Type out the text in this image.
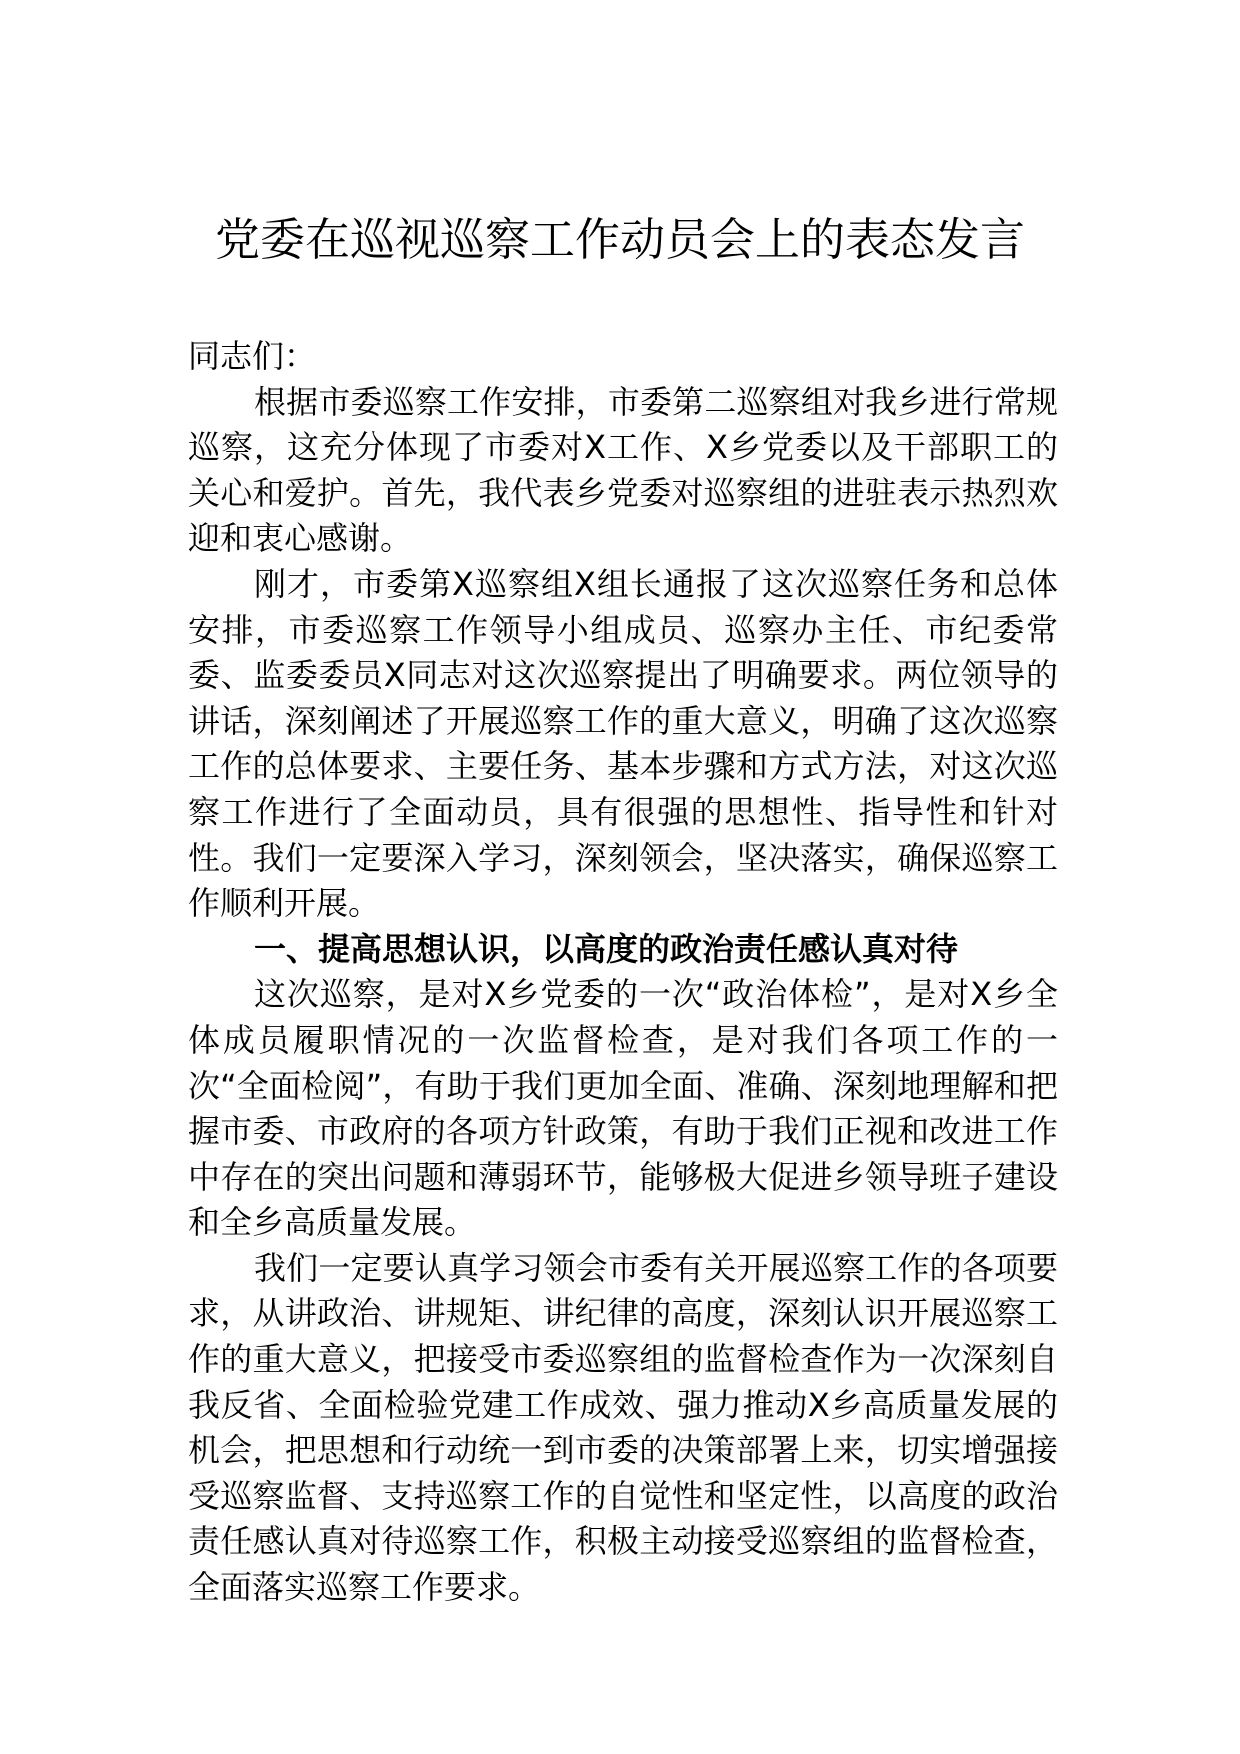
党委在巡视巡察工作动员会上的表态发言

同志们：

根据市委巡察工作安排，市委第二巡察组对我乡进行常规巡察，这充分体现了市委对X工作、X乡党委以及干部职工的关心和爱护。首先，我代表乡党委对巡察组的进驻表示热烈欢迎和衷心感谢。

刚才，市委第X巡察组X组长通报了这次巡察任务和总体安排，市委巡察工作领导小组成员、巡察办主任、市纪委常委、监委委员X同志对这次巡察提出了明确要求。两位领导的讲话，深刻阐述了开展巡察工作的重大意义，明确了这次巡察工作的总体要求、主要任务、基本步骤和方式方法，对这次巡察工作进行了全面动员，具有很强的思想性、指导性和针对性。我们一定要深入学习，深刻领会，坚决落实，确保巡察工作顺利开展。

一、提高思想认识，以高度的政治责任感认真对待

这次巡察，是对X乡党委的一次“政治体检”，是对X乡全体成员履职情况的一次监督检查，是对我们各项工作的一次“全面检阅”，有助于我们更加全面、准确、深刻地理解和把握市委、市政府的各项方针政策，有助于我们正视和改进工作中存在的突出问题和薄弱环节，能够极大促进乡领导班子建设和全乡高质量发展。

我们一定要认真学习领会市委有关开展巡察工作的各项要求，从讲政治、讲规矩、讲纪律的高度，深刻认识开展巡察工作的重大意义，把接受市委巡察组的监督检查作为一次深刻自我反省、全面检验党建工作成效、强力推动X乡高质量发展的机会，把思想和行动统一到市委的决策部署上来，切实增强接受巡察监督、支持巡察工作的自觉性和坚定性，以高度的政治责任感认真对待巡察工作，积极主动接受巡察组的监督检查，全面落实巡察工作要求。
